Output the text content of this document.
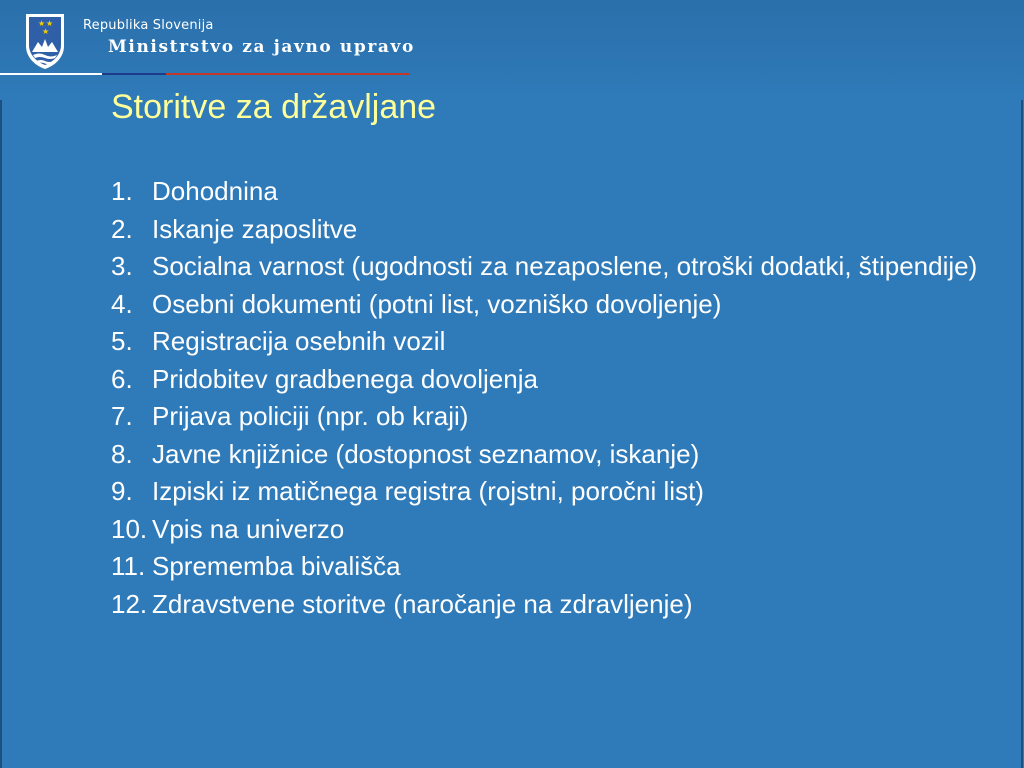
★ ★
★	Republika Slovenija
Ministrstvo za javno upravo
Storitve za državljane
1. Dohodnina
2. Iskanje zaposlitve
3. Socialna varnost (ugodnosti za nezaposlene, otroški dodatki, štipendije)
4. Osebni dokumenti (potni list, vozniško dovoljenje)
5. Registracija osebnih vozil
6. Pridobitev gradbenega dovoljenja
7. Prijava policiji (npr. ob kraji)
8. Javne knjižnice (dostopnost seznamov, iskanje)
9. Izpiski iz matičnega registra (rojstni, poročni list)
10. Vpis na univerzo
11. Sprememba bivališča
12. Zdravstvene storitve (naročanje na zdravljenje)
